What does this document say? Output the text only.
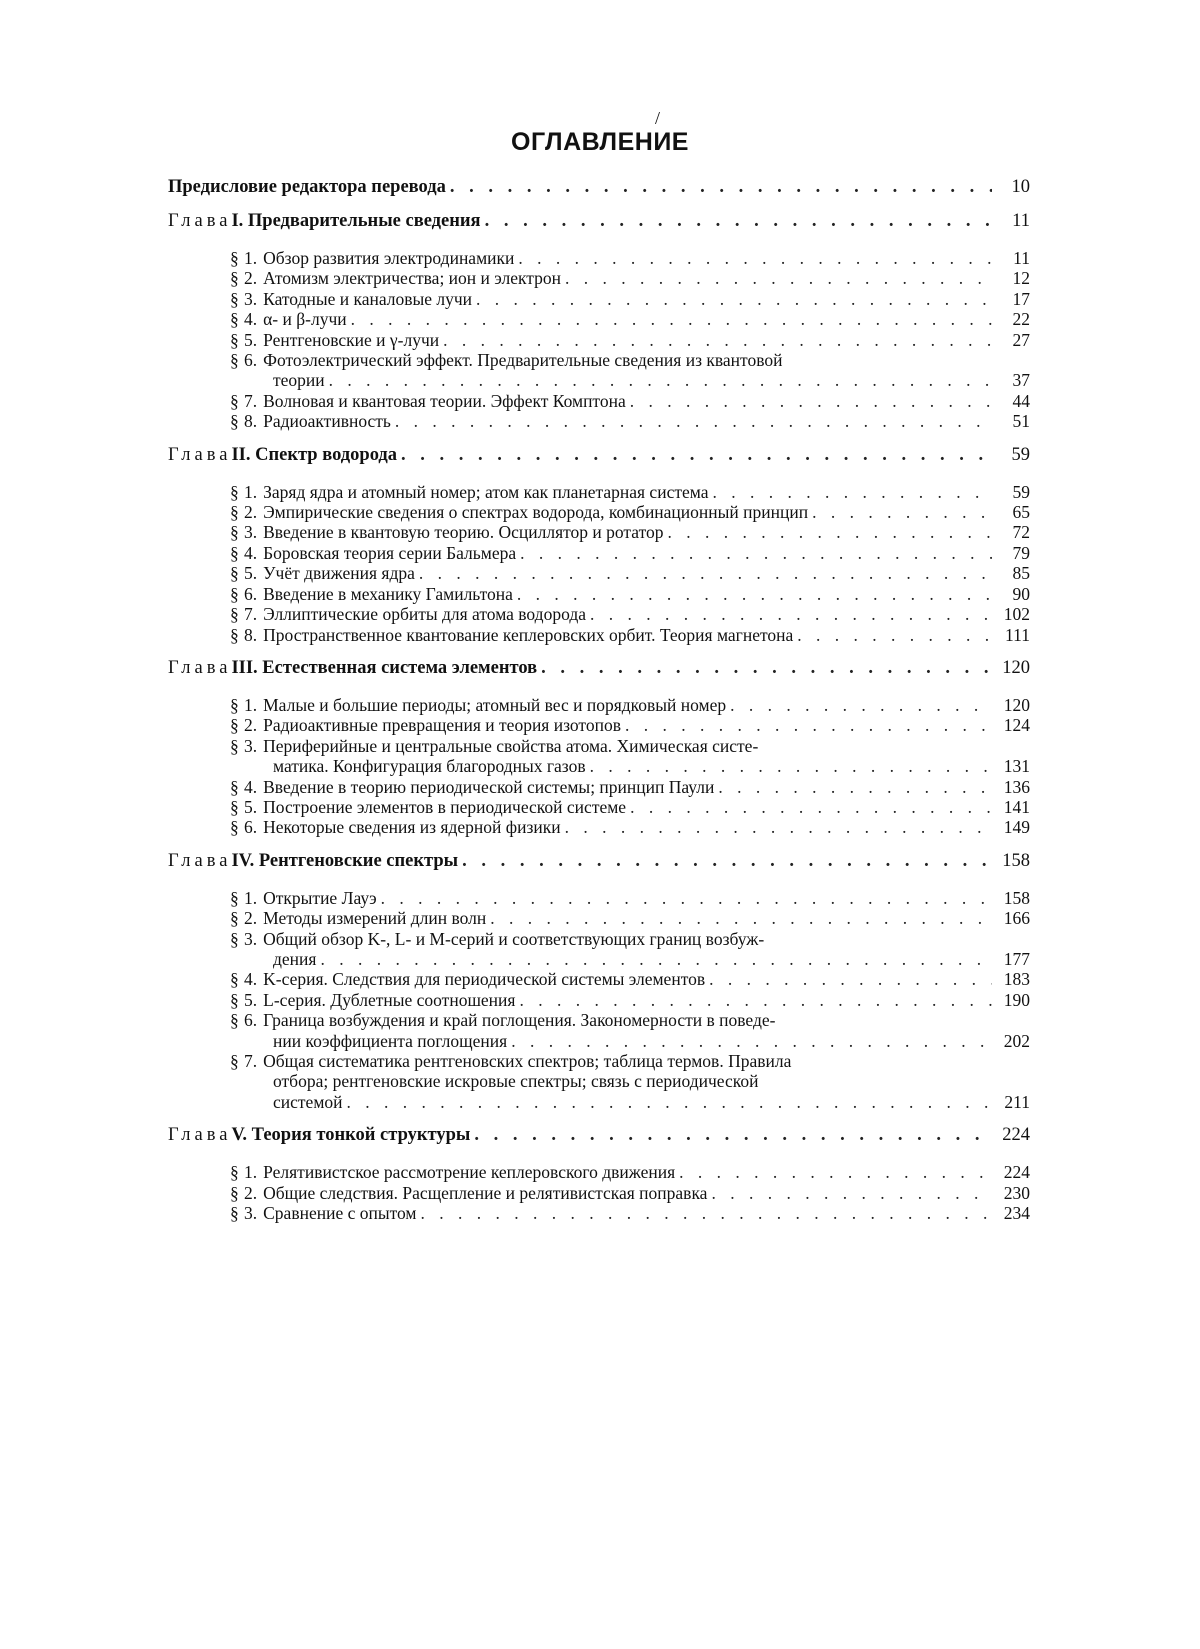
/
ОГЛАВЛЕНИЕ
Предисловие редактора перевода . . .	10
Глава I. Предварительные сведения . . .	11
§ 1. Обзор развития электродинамики . . .	11
§ 2. Атомизм электричества; ион и электрон . . .	12
§ 3. Катодные и каналовые лучи . . .	17
§ 4. α- и β-лучи . . .	22
§ 5. Рентгеновские и γ-лучи . . .	27
§ 6. Фотоэлектрический эффект. Предварительные сведения из квантовой
теории . . .	37
§ 7. Волновая и квантовая теории. Эффект Комптона . . .	44
§ 8. Радиоактивность . . .	51
Глава II. Спектр водорода . . .	59
§ 1. Заряд ядра и атомный номер; атом как планетарная система . . .	59
§ 2. Эмпирические сведения о спектрах водорода, комбинационный принцип . . .	65
§ 3. Введение в квантовую теорию. Осциллятор и ротатор . . .	72
§ 4. Боровская теория серии Бальмера . . .	79
§ 5. Учёт движения ядра . . .	85
§ 6. Введение в механику Гамильтона . . .	90
§ 7. Эллиптические орбиты для атома водорода . . .	102
§ 8. Пространственное квантование кеплеровских орбит. Теория магнетона . . .	111
Глава III. Естественная система элементов . . .	120
§ 1. Малые и большие периоды; атомный вес и порядковый номер . . .	120
§ 2. Радиоактивные превращения и теория изотопов . . .	124
§ 3. Периферийные и центральные свойства атома. Химическая систе-
матика. Конфигурация благородных газов . . .	131
§ 4. Введение в теорию периодической системы; принцип Паули . . .	136
§ 5. Построение элементов в периодической системе . . .	141
§ 6. Некоторые сведения из ядерной физики . . .	149
Глава IV. Рентгеновские спектры . . .	158
§ 1. Открытие Лауэ . . .	158
§ 2. Методы измерений длин волн . . .	166
§ 3. Общий обзор K-, L- и M-серий и соответствующих границ возбуж-
дения . . .	177
§ 4. K-серия. Следствия для периодической системы элементов . . .	183
§ 5. L-серия. Дублетные соотношения . . .	190
§ 6. Граница возбуждения и край поглощения. Закономерности в поведе-
нии коэффициента поглощения . . .	202
§ 7. Общая систематика рентгеновских спектров; таблица термов. Правила
отбора; рентгеновские искровые спектры; связь с периодической
системой . . .	211
Глава V. Теория тонкой структуры . . .	224
§ 1. Релятивистское рассмотрение кеплеровского движения . . .	224
§ 2. Общие следствия. Расщепление и релятивистская поправка . . .	230
§ 3. Сравнение с опытом . . .	234
